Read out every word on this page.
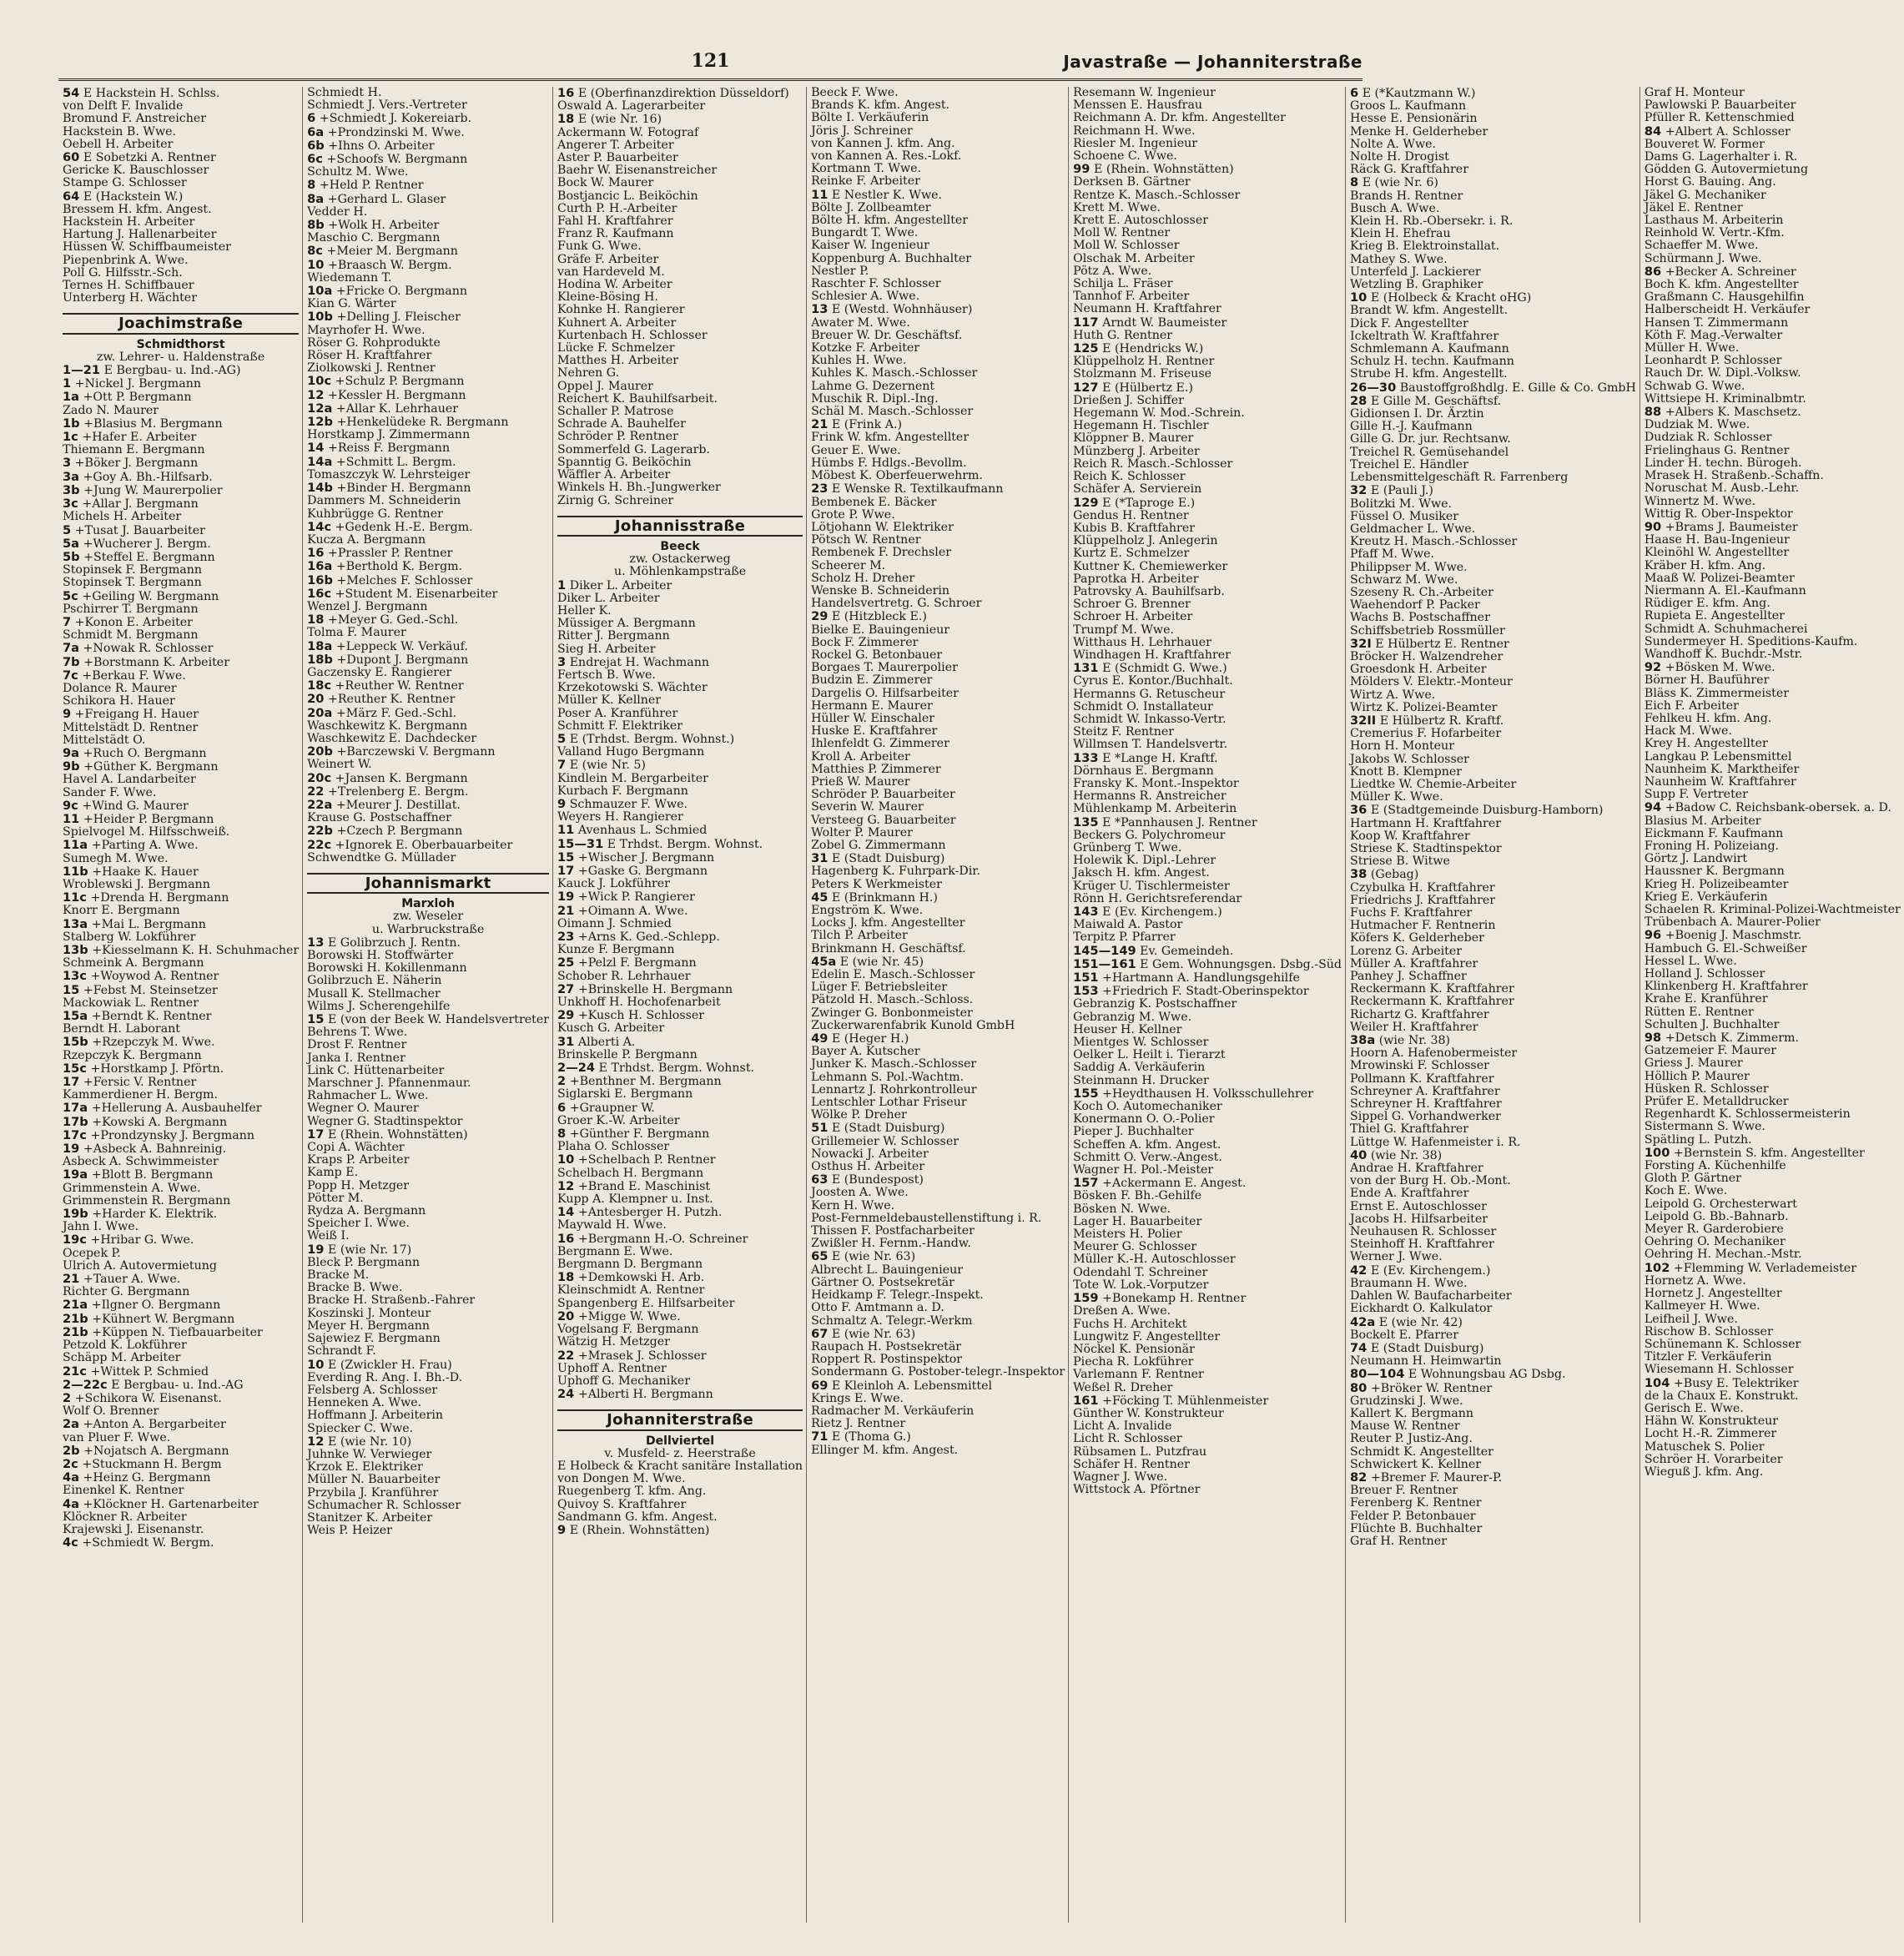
121	Javastraße — Johanniterstraße
54 E Hackstein H. Schlss.
von Delft F. Invalide
Bromund F. Anstreicher
Hackstein B. Wwe.
Oebell H. Arbeiter
60 E Sobetzki A. Rentner
Gericke K. Bauschlosser
Stampe G. Schlosser
64 E (Hackstein W.)
Bressem H. kfm. Angest.
Hackstein H. Arbeiter
Hartung J. Hallenarbeiter
Hüssen W. Schiffbaumeister
Piepenbrink A. Wwe.
Poll G. Hilfsstr.-Sch.
Ternes H. Schiffbauer
Unterberg H. Wächter
Joachimstraße
Schmidthorst
zw. Lehrer- u. Haldenstraße
1—21 E Bergbau- u. Ind.-AG)
1 +Nickel J. Bergmann
1a +Ott P. Bergmann
Zado N. Maurer
1b +Blasius M. Bergmann
1c +Hafer E. Arbeiter
Thiemann E. Bergmann
3 +Böker J. Bergmann
3a +Goy A. Bh.-Hilfsarb.
3b +Jung W. Maurerpolier
3c +Allar J. Bergmann
Michels H. Arbeiter
5 +Tusat J. Bauarbeiter
5a +Wucherer J. Bergm.
5b +Steffel E. Bergmann
Stopinsek F. Bergmann
Stopinsek T. Bergmann
5c +Geiling W. Bergmann
Pschirrer T. Bergmann
7 +Konon E. Arbeiter
Schmidt M. Bergmann
7a +Nowak R. Schlosser
7b +Borstmann K. Arbeiter
7c +Berkau F. Wwe.
Dolance R. Maurer
Schikora H. Hauer
9 +Freigang H. Hauer
Mittelstädt D. Rentner
Mittelstädt O.
9a +Ruch O. Bergmann
9b +Güther K. Bergmann
Havel A. Landarbeiter
Sander F. Wwe.
9c +Wind G. Maurer
11 +Heider P. Bergmann
Spielvogel M. Hilfsschweiß.
11a +Parting A. Wwe.
Sumegh M. Wwe.
11b +Haake K. Hauer
Wroblewski J. Bergmann
11c +Drenda H. Bergmann
Knorr E. Bergmann
13a +Mai L. Bergmann
Stalberg W. Lokführer
13b +Kiesselmann K. H. Schuhmacher
Schmeink A. Bergmann
13c +Woywod A. Rentner
15 +Febst M. Steinsetzer
Mackowiak L. Rentner
15a +Berndt K. Rentner
Berndt H. Laborant
15b +Rzepczyk M. Wwe.
Rzepczyk K. Bergmann
15c +Horstkamp J. Pförtn.
17 +Fersic V. Rentner
Kammerdiener H. Bergm.
17a +Hellerung A. Ausbauhelfer
17b +Kowski A. Bergmann
17c +Prondzynsky J. Bergmann
19 +Asbeck A. Bahnreinig.
Asbeck A. Schwimmeister
19a +Blott B. Bergmann
Grimmenstein A. Wwe.
Grimmenstein R. Bergmann
19b +Harder K. Elektrik.
Jahn I. Wwe.
19c +Hribar G. Wwe.
Ocepek P.
Ulrich A. Autovermietung
21 +Tauer A. Wwe.
Richter G. Bergmann
21a +Ilgner O. Bergmann
21b +Kühnert W. Bergmann
21b +Küppen N. Tiefbauarbeiter
Petzold K. Lokführer
Schäpp M. Arbeiter
21c +Wittek P. Schmied
2—22c E Bergbau- u. Ind.-AG
2 +Schikora W. Eisenanst.
Wolf O. Brenner
2a +Anton A. Bergarbeiter
van Pluer F. Wwe.
2b +Nojatsch A. Bergmann
2c +Stuckmann H. Bergm
4a +Heinz G. Bergmann
Einenkel K. Rentner
4a +Klöckner H. Gartenarbeiter
Klöckner R. Arbeiter
Krajewski J. Eisenanstr.
4c +Schmiedt W. Bergm.
Schmiedt H.
Schmiedt J. Vers.-Vertreter
6 +Schmiedt J. Kokereiarb.
6a +Prondzinski M. Wwe.
6b +Ihns O. Arbeiter
6c +Schoofs W. Bergmann
Schultz M. Wwe.
8 +Held P. Rentner
8a +Gerhard L. Glaser
Vedder H.
8b +Wolk H. Arbeiter
Maschio C. Bergmann
8c +Meier M. Bergmann
10 +Braasch W. Bergm.
Wiedemann T.
10a +Fricke O. Bergmann
Kian G. Wärter
10b +Delling J. Fleischer
Mayrhofer H. Wwe.
Röser G. Rohprodukte
Röser H. Kraftfahrer
Ziolkowski J. Rentner
10c +Schulz P. Bergmann
12 +Kessler H. Bergmann
12a +Allar K. Lehrhauer
12b +Henkelüdeke R. Bergmann
Horstkamp J. Zimmermann
14 +Reiss F. Bergmann
14a +Schmitt L. Bergm.
Tomaszczyk W. Lehrsteiger
14b +Binder H. Bergmann
Dammers M. Schneiderin
Kuhbrügge G. Rentner
14c +Gedenk H.-E. Bergm.
Kucza A. Bergmann
16 +Prassler P. Rentner
16a +Berthold K. Bergm.
16b +Melches F. Schlosser
16c +Student M. Eisenarbeiter
Wenzel J. Bergmann
18 +Meyer G. Ged.-Schl.
Tolma F. Maurer
18a +Leppeck W. Verkäuf.
18b +Dupont J. Bergmann
Gaczensky E. Rangierer
18c +Reuther W. Rentner
20 +Reuther K. Rentner
20a +März F. Ged.-Schl.
Waschkewitz K. Bergmann
Waschkewitz E. Dachdecker
20b +Barczewski V. Bergmann
Weinert W.
20c +Jansen K. Bergmann
22 +Trelenberg E. Bergm.
22a +Meurer J. Destillat.
Krause G. Postschaffner
22b +Czech P. Bergmann
22c +Ignorek E. Oberbauarbeiter
Schwendtke G. Müllader
Johannismarkt
Marxloh
zw. Weseler
u. Warbruckstraße
13 E Golibrzuch J. Rentn.
Borowski H. Stoffwärter
Borowski H. Kokillenmann
Golibrzuch E. Näherin
Musall K. Stellmacher
Wilms J. Scherengehilfe
15 E (von der Beek W. Handelsvertreter
Behrens T. Wwe.
Drost F. Rentner
Janka I. Rentner
Link C. Hüttenarbeiter
Marschner J. Pfannenmaur.
Rahmacher L. Wwe.
Wegner O. Maurer
Wegner G. Stadtinspektor
17 E (Rhein. Wohnstätten)
Copi A. Wächter
Kraps P. Arbeiter
Kamp E.
Popp H. Metzger
Pötter M.
Rydza A. Bergmann
Speicher I. Wwe.
Weiß I.
19 E (wie Nr. 17)
Bleck P. Bergmann
Bracke M.
Bracke B. Wwe.
Bracke H. Straßenb.-Fahrer
Koszinski J. Monteur
Meyer H. Bergmann
Sajewiez F. Bergmann
Schrandt F.
10 E (Zwickler H. Frau)
Everding R. Ang. I. Bh.-D.
Felsberg A. Schlosser
Henneken A. Wwe.
Hoffmann J. Arbeiterin
Spiecker C. Wwe.
12 E (wie Nr. 10)
Juhnke W. Verwieger
Krzok E. Elektriker
Müller N. Bauarbeiter
Przybila J. Kranführer
Schumacher R. Schlosser
Stanitzer K. Arbeiter
Weis P. Heizer
16 E (Oberfinanzdirektion Düsseldorf)
Oswald A. Lagerarbeiter
18 E (wie Nr. 16)
Ackermann W. Fotograf
Angerer T. Arbeiter
Aster P. Bauarbeiter
Baehr W. Eisenanstreicher
Bock W. Maurer
Bostjancic L. Beiköchin
Curth P. H.-Arbeiter
Fahl H. Kraftfahrer
Franz R. Kaufmann
Funk G. Wwe.
Gräfe F. Arbeiter
van Hardeveld M.
Hodina W. Arbeiter
Kleine-Bösing H.
Kohnke H. Rangierer
Kuhnert A. Arbeiter
Kurtenbach H. Schlosser
Lücke F. Schmelzer
Matthes H. Arbeiter
Nehren G.
Oppel J. Maurer
Reichert K. Bauhilfsarbeit.
Schaller P. Matrose
Schrade A. Bauhelfer
Schröder P. Rentner
Sommerfeld G. Lagerarb.
Spanntig G. Beiköchin
Wäffler A. Arbeiter
Winkels H. Bh.-Jungwerker
Zirnig G. Schreiner
Johannisstraße
Beeck
zw. Ostackerweg
u. Möhlenkampstraße
1 Diker L. Arbeiter
Diker L. Arbeiter
Heller K.
Müssiger A. Bergmann
Ritter J. Bergmann
Sieg H. Arbeiter
3 Endrejat H. Wachmann
Fertsch B. Wwe.
Krzekotowski S. Wächter
Müller K. Kellner
Poser A. Kranführer
Schmitt F. Elektriker
5 E (Trhdst. Bergm. Wohnst.)
Valland Hugo Bergmann
7 E (wie Nr. 5)
Kindlein M. Bergarbeiter
Kurbach F. Bergmann
9 Schmauzer F. Wwe.
Weyers H. Rangierer
11 Avenhaus L. Schmied
15—31 E Trhdst. Bergm. Wohnst.
15 +Wischer J. Bergmann
17 +Gaske G. Bergmann
Kauck J. Lokführer
19 +Wick P. Rangierer
21 +Oimann A. Wwe.
Oimann J. Schmied
23 +Arns K. Ged.-Schlepp.
Kunze F. Bergmann
25 +Pelzl F. Bergmann
Schober R. Lehrhauer
27 +Brinskelle H. Bergmann
Unkhoff H. Hochofenarbeit
29 +Kusch H. Schlosser
Kusch G. Arbeiter
31 Alberti A.
Brinskelle P. Bergmann
2—24 E Trhdst. Bergm. Wohnst.
2 +Benthner M. Bergmann
Siglarski E. Bergmann
6 +Graupner W.
Groer K.-W. Arbeiter
8 +Günther F. Bergmann
Plaha O. Schlosser
10 +Schelbach P. Rentner
Schelbach H. Bergmann
12 +Brand E. Maschinist
Kupp A. Klempner u. Inst.
14 +Antesberger H. Putzh.
Maywald H. Wwe.
16 +Bergmann H.-O. Schreiner
Bergmann E. Wwe.
Bergmann D. Bergmann
18 +Demkowski H. Arb.
Kleinschmidt A. Rentner
Spangenberg E. Hilfsarbeiter
20 +Migge W. Wwe.
Vogelsang F. Bergmann
Wätzig H. Metzger
22 +Mrasek J. Schlosser
Uphoff A. Rentner
Uphoff G. Mechaniker
24 +Alberti H. Bergmann
Johanniterstraße
Dellviertel
v. Musfeld- z. Heerstraße
E Holbeck & Kracht sanitäre Installation
von Dongen M. Wwe.
Ruegenberg T. kfm. Ang.
Quivoy S. Kraftfahrer
Sandmann G. kfm. Angest.
9 E (Rhein. Wohnstätten)
Beeck F. Wwe.
Brands K. kfm. Angest.
Bölte I. Verkäuferin
Jöris J. Schreiner
von Kannen J. kfm. Ang.
von Kannen A. Res.-Lokf.
Kortmann T. Wwe.
Reinke F. Arbeiter
11 E Nestler K. Wwe.
Bölte J. Zollbeamter
Bölte H. kfm. Angestellter
Bungardt T. Wwe.
Kaiser W. Ingenieur
Koppenburg A. Buchhalter
Nestler P.
Raschter F. Schlosser
Schlesier A. Wwe.
13 E (Westd. Wohnhäuser)
Awater M. Wwe.
Breuer W. Dr. Geschäftsf.
Kotzke F. Arbeiter
Kuhles H. Wwe.
Kuhles K. Masch.-Schlosser
Lahme G. Dezernent
Muschik R. Dipl.-Ing.
Schäl M. Masch.-Schlosser
21 E (Frink A.)
Frink W. kfm. Angestellter
Geuer E. Wwe.
Hümbs F. Hdlgs.-Bevollm.
Möbest K. Oberfeuerwehrm.
23 E Wenske R. Textilkaufmann
Bembenek E. Bäcker
Grote P. Wwe.
Lötjohann W. Elektriker
Pötsch W. Rentner
Rembenek F. Drechsler
Scheerer M.
Scholz H. Dreher
Wenske B. Schneiderin
Handelsvertretg. G. Schroer
29 E (Hitzbleck E.)
Bielke E. Bauingenieur
Bock F. Zimmerer
Rockel G. Betonbauer
Borgaes T. Maurerpolier
Budzin E. Zimmerer
Dargelis O. Hilfsarbeiter
Hermann E. Maurer
Hüller W. Einschaler
Huske E. Kraftfahrer
Ihlenfeldt G. Zimmerer
Kroll A. Arbeiter
Matthies P. Zimmerer
Prieß W. Maurer
Schröder P. Bauarbeiter
Severin W. Maurer
Versteeg G. Bauarbeiter
Wolter P. Maurer
Zobel G. Zimmermann
31 E (Stadt Duisburg)
Hagenberg K. Fuhrpark-Dir.
Peters K Werkmeister
45 E (Brinkmann H.)
Engström K. Wwe.
Locks J. kfm. Angestellter
Tilch P. Arbeiter
Brinkmann H. Geschäftsf.
45a E (wie Nr. 45)
Edelin E. Masch.-Schlosser
Lüger F. Betriebsleiter
Pätzold H. Masch.-Schloss.
Zwinger G. Bonbonmeister
Zuckerwarenfabrik Kunold GmbH
49 E (Heger H.)
Bayer A. Kutscher
Junker K. Masch.-Schlosser
Lehmann S. Pol.-Wachtm.
Lennartz J. Rohrkontrolleur
Lentschler Lothar Friseur
Wölke P. Dreher
51 E (Stadt Duisburg)
Grillemeier W. Schlosser
Nowacki J. Arbeiter
Osthus H. Arbeiter
63 E (Bundespost)
Joosten A. Wwe.
Kern H. Wwe.
Post-Fernmeldebaustellenstiftung i. R.
Thissen F. Postfacharbeiter
Zwißler H. Fernm.-Handw.
65 E (wie Nr. 63)
Albrecht L. Bauingenieur
Gärtner O. Postsekretär
Heidkamp F. Telegr.-Inspekt.
Otto F. Amtmann a. D.
Schmaltz A. Telegr.-Werkm
67 E (wie Nr. 63)
Raupach H. Postsekretär
Roppert R. Postinspektor
Sondermann G. Postober-telegr.-Inspektor
69 E Kleinloh A. Lebensmittel
Krings E. Wwe.
Radmacher M. Verkäuferin
Rietz J. Rentner
71 E (Thoma G.)
Ellinger M. kfm. Angest.
Resemann W. Ingenieur
Menssen E. Hausfrau
Reichmann A. Dr. kfm. Angestellter
Reichmann H. Wwe.
Riesler M. Ingenieur
Schoene C. Wwe.
99 E (Rhein. Wohnstätten)
Derksen B. Gärtner
Rentze K. Masch.-Schlosser
Krett M. Wwe.
Krett E. Autoschlosser
Moll W. Rentner
Moll W. Schlosser
Olschak M. Arbeiter
Pötz A. Wwe.
Schilja L. Fräser
Tannhof F. Arbeiter
Neumann H. Kraftfahrer
117 Arndt W. Baumeister
Huth G. Rentner
125 E (Hendricks W.)
Klüppelholz H. Rentner
Stolzmann M. Friseuse
127 E (Hülbertz E.)
Drießen J. Schiffer
Hegemann W. Mod.-Schrein.
Hegemann H. Tischler
Klöppner B. Maurer
Münzberg J. Arbeiter
Reich R. Masch.-Schlosser
Reich K. Schlosser
Schäfer A. Servierein
129 E (*Taproge E.)
Gendus H. Rentner
Kubis B. Kraftfahrer
Klüppelholz J. Anlegerin
Kurtz E. Schmelzer
Kuttner K. Chemiewerker
Paprotka H. Arbeiter
Patrovsky A. Bauhilfsarb.
Schroer G. Brenner
Schroer H. Arbeiter
Trumpf M. Wwe.
Witthaus H. Lehrhauer
Windhagen H. Kraftfahrer
131 E (Schmidt G. Wwe.)
Cyrus E. Kontor./Buchhalt.
Hermanns G. Retuscheur
Schmidt O. Installateur
Schmidt W. Inkasso-Vertr.
Steitz F. Rentner
Willmsen T. Handelsvertr.
133 E *Lange H. Kraftf.
Dörnhaus E. Bergmann
Fransky K. Mont.-Inspektor
Hermanns R. Anstreicher
Mühlenkamp M. Arbeiterin
135 E *Pannhausen J. Rentner
Beckers G. Polychromeur
Grünberg T. Wwe.
Holewik K. Dipl.-Lehrer
Jaksch H. kfm. Angest.
Krüger U. Tischlermeister
Rönn H. Gerichtsreferendar
143 E (Ev. Kirchengem.)
Maiwald A. Pastor
Terpitz P. Pfarrer
145—149 Ev. Gemeindeh.
151—161 E Gem. Wohnungsgen. Dsbg.-Süd
151 +Hartmann A. Handlungsgehilfe
153 +Friedrich F. Stadt-Oberinspektor
Gebranzig K. Postschaffner
Gebranzig M. Wwe.
Heuser H. Kellner
Mientges W. Schlosser
Oelker L. Heilt i. Tierarzt
Saddig A. Verkäuferin
Steinmann H. Drucker
155 +Heydthausen H. Volksschullehrer
Koch O. Automechaniker
Konermann O. O.-Polier
Pieper J. Buchhalter
Scheffen A. kfm. Angest.
Schmitt O. Verw.-Angest.
Wagner H. Pol.-Meister
157 +Ackermann E. Angest.
Bösken F. Bh.-Gehilfe
Bösken N. Wwe.
Lager H. Bauarbeiter
Meisters H. Polier
Meurer G. Schlosser
Müller K.-H. Autoschlosser
Odendahl T. Schreiner
Tote W. Lok.-Vorputzer
159 +Bonekamp H. Rentner
Dreßen A. Wwe.
Fuchs H. Architekt
Lungwitz F. Angestellter
Nöckel K. Pensionär
Piecha R. Lokführer
Varlemann F. Rentner
Weßel R. Dreher
161 +Föcking T. Mühlenmeister
Günther W. Konstrukteur
Licht A. Invalide
Licht R. Schlosser
Rübsamen L. Putzfrau
Schäfer H. Rentner
Wagner J. Wwe.
Wittstock A. Pförtner
6 E (*Kautzmann W.)
Groos L. Kaufmann
Hesse E. Pensionärin
Menke H. Gelderheber
Nolte A. Wwe.
Nolte H. Drogist
Räck G. Kraftfahrer
8 E (wie Nr. 6)
Brands H. Rentner
Busch A. Wwe.
Klein H. Rb.-Obersekr. i. R.
Klein H. Ehefrau
Krieg B. Elektroinstallat.
Mathey S. Wwe.
Unterfeld J. Lackierer
Wetzling B. Graphiker
10 E (Holbeck & Kracht oHG)
Brandt W. kfm. Angestellt.
Dick F. Angestellter
Ickeltrath W. Kraftfahrer
Schmlemann A. Kaufmann
Schulz H. techn. Kaufmann
Strube H. kfm. Angestellt.
26—30 Baustoffgroßhdlg. E. Gille & Co. GmbH
28 E Gille M. Geschäftsf.
Gidionsen I. Dr. Ärztin
Gille H.-J. Kaufmann
Gille G. Dr. jur. Rechtsanw.
Treichel R. Gemüsehandel
Treichel E. Händler
Lebensmittelgeschäft R. Farrenberg
32 E (Pauli J.)
Bolitzki M. Wwe.
Füssel O. Musiker
Geldmacher L. Wwe.
Kreutz H. Masch.-Schlosser
Pfaff M. Wwe.
Philippser M. Wwe.
Schwarz M. Wwe.
Szeseny R. Ch.-Arbeiter
Waehendorf P. Packer
Wachs B. Postschaffner
Schiffsbetrieb Rossmüller
32I E Hülbertz E. Rentner
Bröcker H. Walzendreher
Groesdonk H. Arbeiter
Mölders V. Elektr.-Monteur
Wirtz A. Wwe.
Wirtz K. Polizei-Beamter
32II E Hülbertz R. Kraftf.
Cremerius F. Hofarbeiter
Horn H. Monteur
Jakobs W. Schlosser
Knott B. Klempner
Liedtke W. Chemie-Arbeiter
Müller K. Wwe.
36 E (Stadtgemeinde Duisburg-Hamborn)
Hartmann H. Kraftfahrer
Koop W. Kraftfahrer
Striese K. Stadtinspektor
Striese B. Witwe
38 (Gebag)
Czybulka H. Kraftfahrer
Friedrichs J. Kraftfahrer
Fuchs F. Kraftfahrer
Hutmacher F. Rentnerin
Köfers K. Gelderheber
Lorenz G. Arbeiter
Müller A. Kraftfahrer
Panhey J. Schaffner
Reckermann K. Kraftfahrer
Reckermann K. Kraftfahrer
Richartz G. Kraftfahrer
Weiler H. Kraftfahrer
38a (wie Nr. 38)
Hoorn A. Hafenobermeister
Mrowinski F. Schlosser
Pollmann K. Kraftfahrer
Schreyner A. Kraftfahrer
Schreyner H. Kraftfahrer
Sippel G. Vorhandwerker
Thiel G. Kraftfahrer
Lüttge W. Hafenmeister i. R.
40 (wie Nr. 38)
Andrae H. Kraftfahrer
von der Burg H. Ob.-Mont.
Ende A. Kraftfahrer
Ernst E. Autoschlosser
Jacobs H. Hilfsarbeiter
Neuhausen R. Schlosser
Steinhoff H. Kraftfahrer
Werner J. Wwe.
42 E (Ev. Kirchengem.)
Braumann H. Wwe.
Dahlen W. Baufacharbeiter
Eickhardt O. Kalkulator
42a E (wie Nr. 42)
Bockelt E. Pfarrer
74 E (Stadt Duisburg)
Neumann H. Heimwartin
80—104 E Wohnungsbau AG Dsbg.
80 +Bröker W. Rentner
Grudzinski J. Wwe.
Kallert K. Bergmann
Mause W. Rentner
Reuter P. Justiz-Ang.
Schmidt K. Angestellter
Schwickert K. Kellner
82 +Bremer F. Maurer-P.
Breuer F. Rentner
Ferenberg K. Rentner
Felder P. Betonbauer
Flüchte B. Buchhalter
Graf H. Rentner
Graf H. Monteur
Pawlowski P. Bauarbeiter
Pfüller R. Kettenschmied
84 +Albert A. Schlosser
Bouveret W. Former
Dams G. Lagerhalter i. R.
Gödden G. Autovermietung
Horst G. Bauing. Ang.
Jäkel G. Mechaniker
Jäkel E. Rentner
Lasthaus M. Arbeiterin
Reinhold W. Vertr.-Kfm.
Schaeffer M. Wwe.
Schürmann J. Wwe.
86 +Becker A. Schreiner
Boch K. kfm. Angestellter
Graßmann C. Hausgehilfin
Halberscheidt H. Verkäufer
Hansen T. Zimmermann
Köth F. Mag.-Verwalter
Müller H. Wwe.
Leonhardt P. Schlosser
Rauch Dr. W. Dipl.-Volksw.
Schwab G. Wwe.
Wittsiepe H. Kriminalbmtr.
88 +Albers K. Maschsetz.
Dudziak M. Wwe.
Dudziak R. Schlosser
Frielinghaus G. Rentner
Linder H. techn. Bürogeh.
Mrasek H. Straßenb.-Schaffn.
Noruschat M. Ausb.-Lehr.
Winnertz M. Wwe.
Wittig R. Ober-Inspektor
90 +Brams J. Baumeister
Haase H. Bau-Ingenieur
Kleinöhl W. Angestellter
Kräber H. kfm. Ang.
Maaß W. Polizei-Beamter
Niermann A. El.-Kaufmann
Rüdiger E. kfm. Ang.
Rupieta E. Angestellter
Schmidt A. Schuhmacherei
Sundermeyer H. Speditions-Kaufm.
Wandhoff K. Buchdr.-Mstr.
92 +Bösken M. Wwe.
Börner H. Bauführer
Bläss K. Zimmermeister
Eich F. Arbeiter
Fehlkeu H. kfm. Ang.
Hack M. Wwe.
Krey H. Angestellter
Langkau P. Lebensmittel
Naunheim K. Marktheifer
Naunheim W. Kraftfahrer
Supp F. Vertreter
94 +Badow C. Reichsbank-obersek. a. D.
Blasius M. Arbeiter
Eickmann F. Kaufmann
Froning H. Polizeiang.
Görtz J. Landwirt
Haussner K. Bergmann
Krieg H. Polizeibeamter
Krieg E. Verkäuferin
Schaelen R. Kriminal-Polizei-Wachtmeister
Trübenbach A. Maurer-Polier
96 +Boenig J. Maschmstr.
Hambuch G. El.-Schweißer
Hessel L. Wwe.
Holland J. Schlosser
Klinkenberg H. Kraftfahrer
Krahe E. Kranführer
Rütten E. Rentner
Schulten J. Buchhalter
98 +Detsch K. Zimmerm.
Gatzemeier F. Maurer
Griess J. Maurer
Höllich P. Maurer
Hüsken R. Schlosser
Prüfer E. Metalldrucker
Regenhardt K. Schlossermeisterin
Sistermann S. Wwe.
Spätling L. Putzh.
100 +Bernstein S. kfm. Angestellter
Forsting A. Küchenhilfe
Gloth P. Gärtner
Koch E. Wwe.
Leipold G. Orchesterwart
Leipold G. Bb.-Bahnarb.
Meyer R. Garderobiere
Oehring O. Mechaniker
Oehring H. Mechan.-Mstr.
102 +Flemming W. Verlademeister
Hornetz A. Wwe.
Hornetz J. Angestellter
Kallmeyer H. Wwe.
Leifheil J. Wwe.
Rischow B. Schlosser
Schünemann K. Schlosser
Titzler F. Verkäuferin
Wiesemann H. Schlosser
104 +Busy E. Telektriker
de la Chaux E. Konstrukt.
Gerisch E. Wwe.
Hähn W. Konstrukteur
Locht H.-R. Zimmerer
Matuschek S. Polier
Schröer H. Vorarbeiter
Wieguß J. kfm. Ang.
